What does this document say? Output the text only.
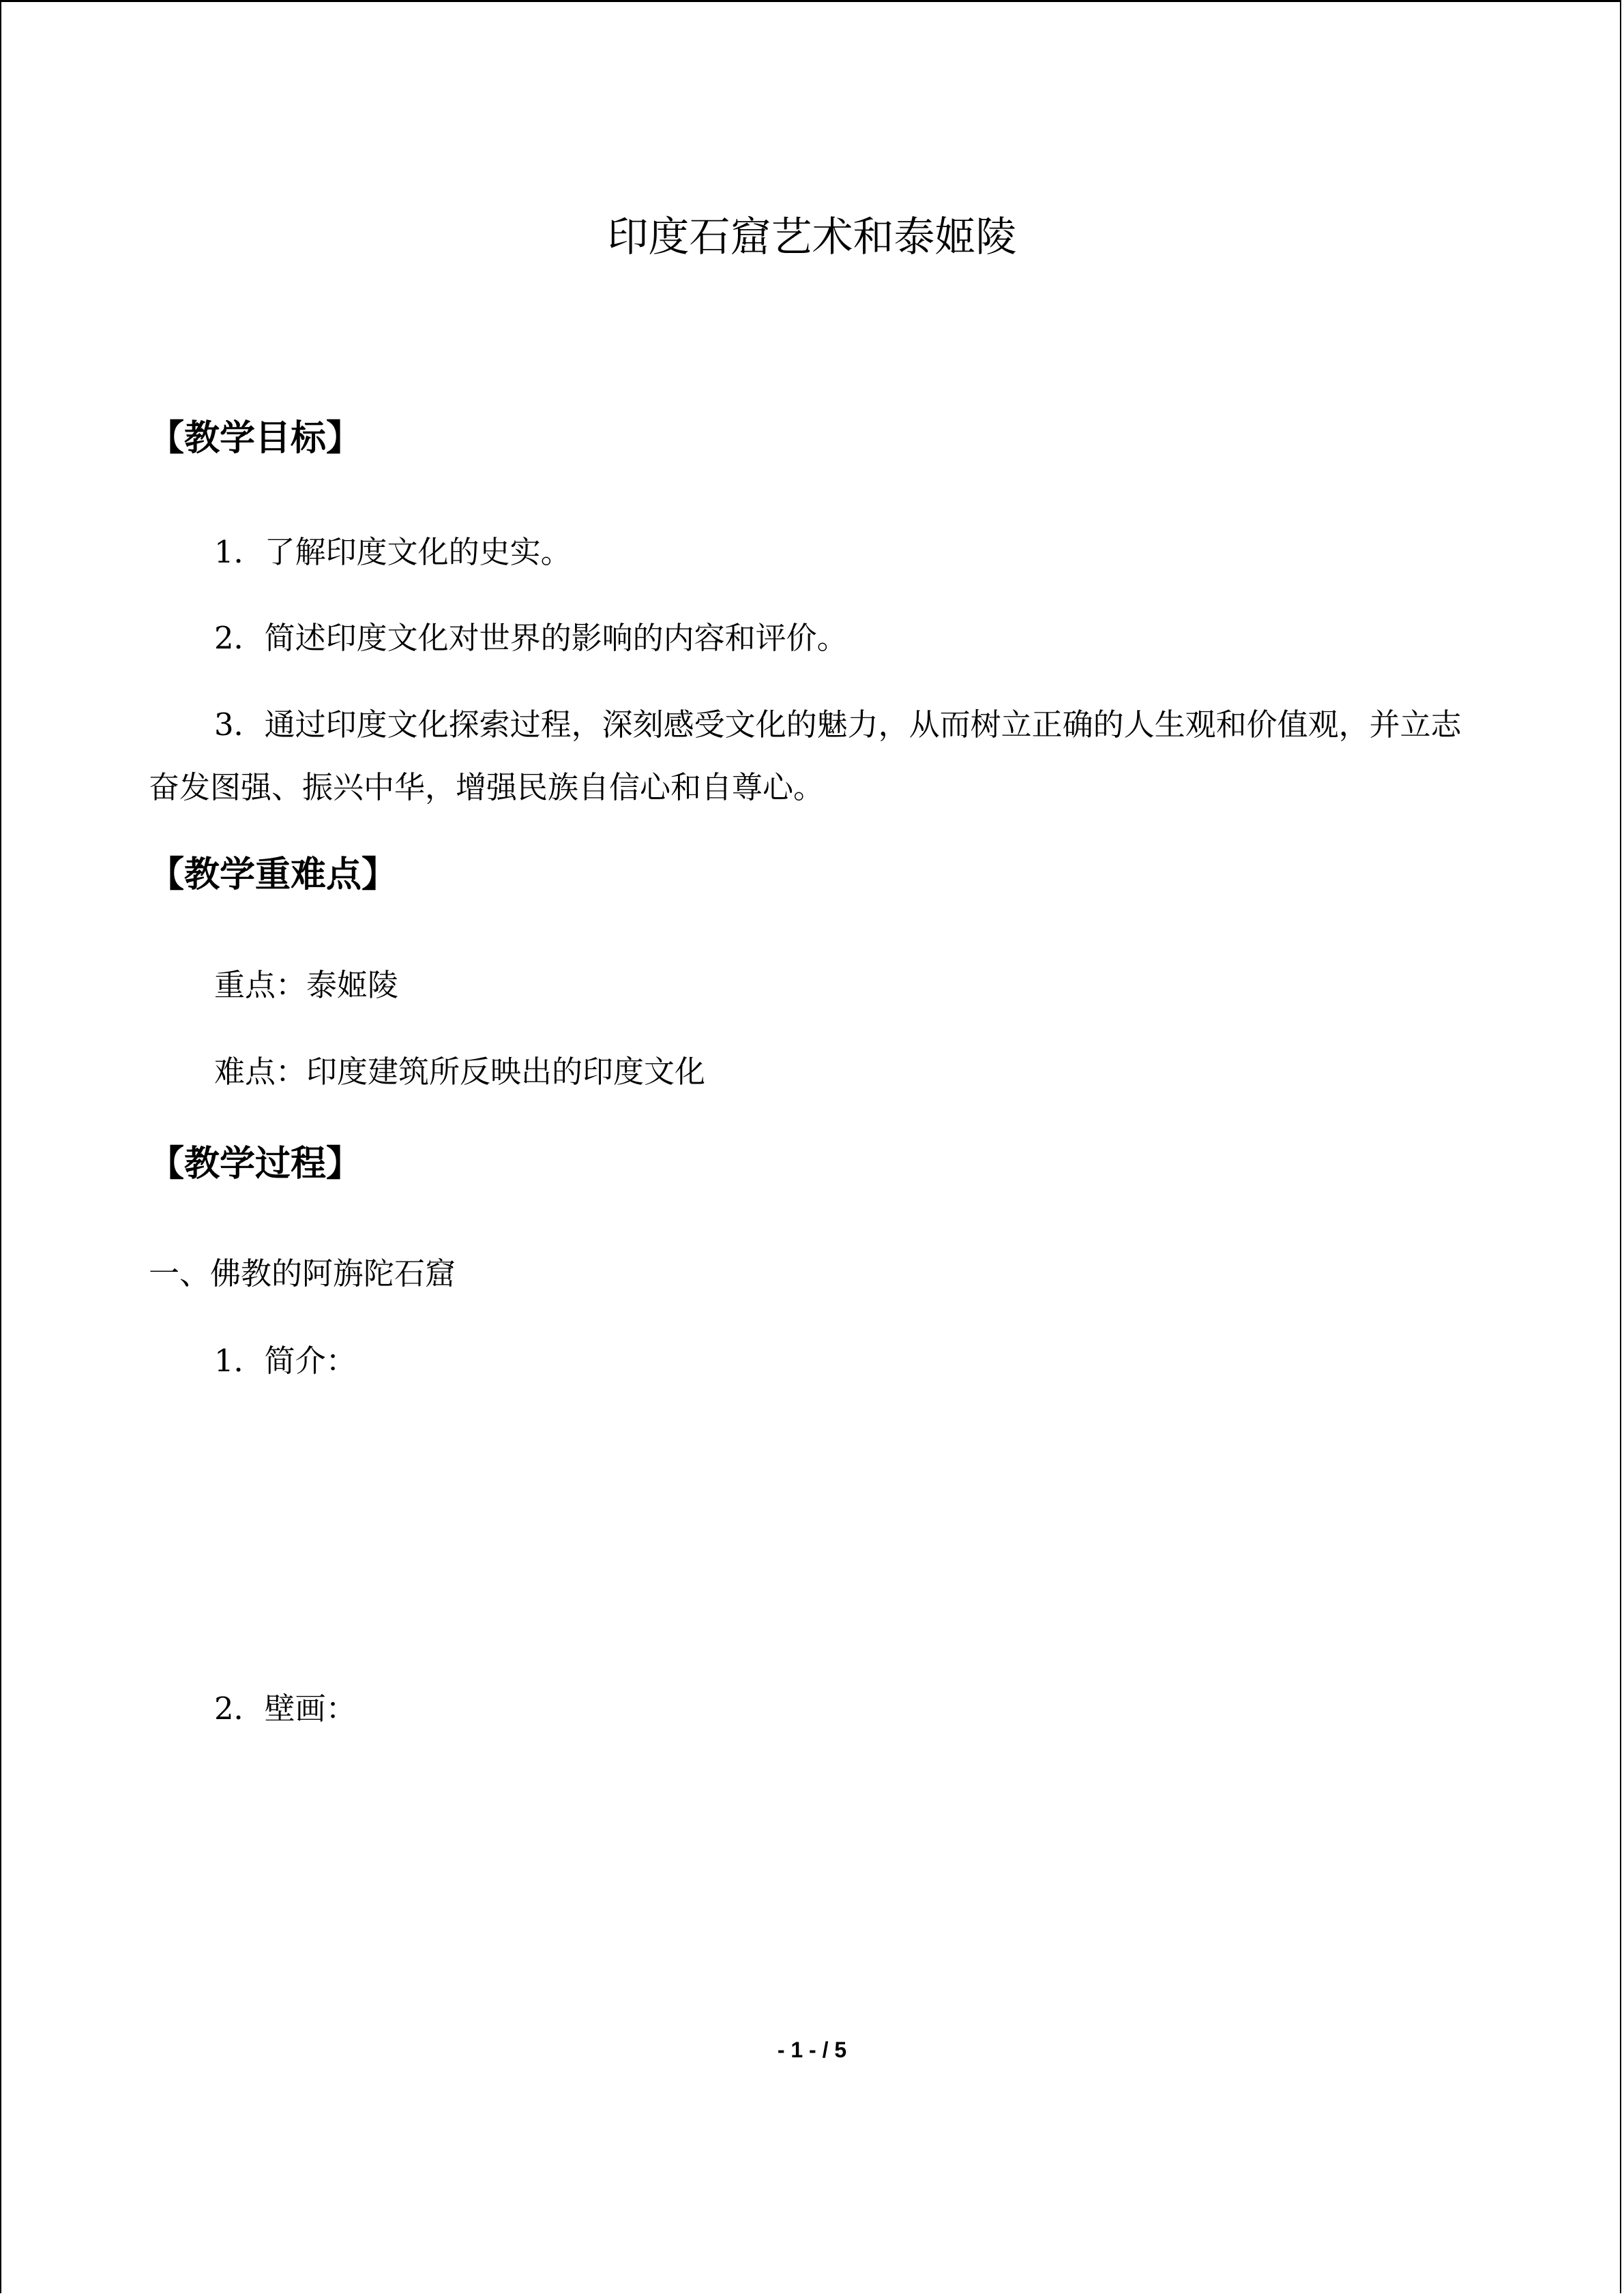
印度石窟艺术和泰姬陵
【教学目标】
1．了解印度文化的史实。
2．简述印度文化对世界的影响的内容和评价。
3．通过印度文化探索过程，深刻感受文化的魅力，从而树立正确的人生观和价值观，并立志奋发图强、振兴中华，增强民族自信心和自尊心。
【教学重难点】
重点：泰姬陵
难点：印度建筑所反映出的印度文化
【教学过程】
一、佛教的阿旃陀石窟
1．简介：
2．壁画：
- 1 - / 5
